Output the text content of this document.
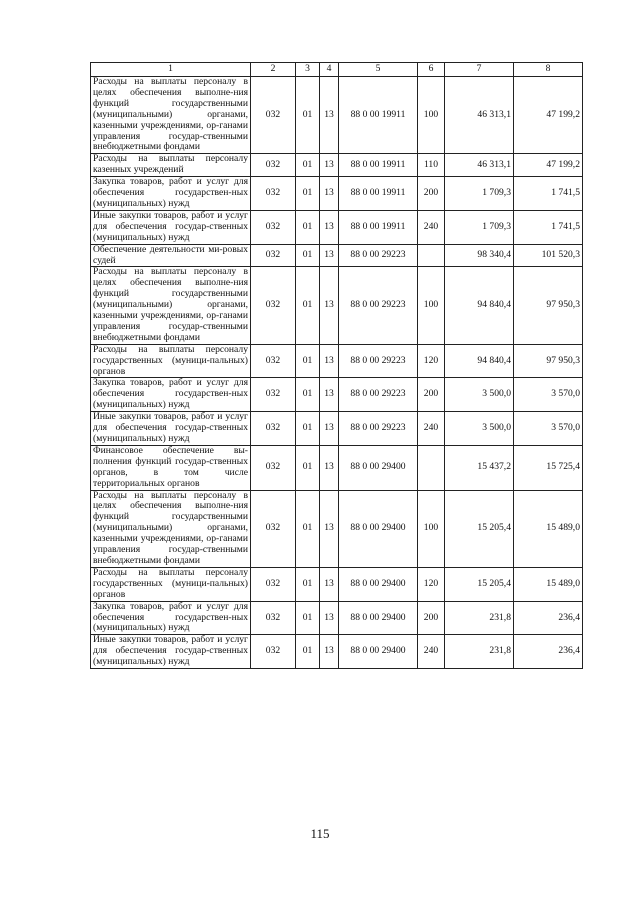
1	2	3	4	5	6	7	8
Расходы на выплаты персоналу в целях обеспечения выполне-ния функций государственными (муниципальными) органами, казенными учреждениями, ор-ганами управления государ-ственными внебюджетными фондами	032	01	13	88 0 00 19911	100	46 313,1	47 199,2
Расходы на выплаты персоналу казенных учреждений	032	01	13	88 0 00 19911	110	46 313,1	47 199,2
Закупка товаров, работ и услуг для обеспечения государствен-ных (муниципальных) нужд	032	01	13	88 0 00 19911	200	1 709,3	1 741,5
Иные закупки товаров, работ и услуг для обеспечения государ-ственных (муниципальных) нужд	032	01	13	88 0 00 19911	240	1 709,3	1 741,5
Обеспечение деятельности ми-ровых судей	032	01	13	88 0 00 29223		98 340,4	101 520,3
Расходы на выплаты персоналу в целях обеспечения выполне-ния функций государственными (муниципальными) органами, казенными учреждениями, ор-ганами управления государ-ственными внебюджетными фондами	032	01	13	88 0 00 29223	100	94 840,4	97 950,3
Расходы на выплаты персоналу государственных (муници-пальных) органов	032	01	13	88 0 00 29223	120	94 840,4	97 950,3
Закупка товаров, работ и услуг для обеспечения государствен-ных (муниципальных) нужд	032	01	13	88 0 00 29223	200	3 500,0	3 570,0
Иные закупки товаров, работ и услуг для обеспечения государ-ственных (муниципальных) нужд	032	01	13	88 0 00 29223	240	3 500,0	3 570,0
Финансовое обеспечение вы-полнения функций государ-ственных органов, в том числе территориальных органов	032	01	13	88 0 00 29400		15 437,2	15 725,4
Расходы на выплаты персоналу в целях обеспечения выполне-ния функций государственными (муниципальными) органами, казенными учреждениями, ор-ганами управления государ-ственными внебюджетными фондами	032	01	13	88 0 00 29400	100	15 205,4	15 489,0
Расходы на выплаты персоналу государственных (муници-пальных) органов	032	01	13	88 0 00 29400	120	15 205,4	15 489,0
Закупка товаров, работ и услуг для обеспечения государствен-ных (муниципальных) нужд	032	01	13	88 0 00 29400	200	231,8	236,4
Иные закупки товаров, работ и услуг для обеспечения государ-ственных (муниципальных) нужд	032	01	13	88 0 00 29400	240	231,8	236,4
115
